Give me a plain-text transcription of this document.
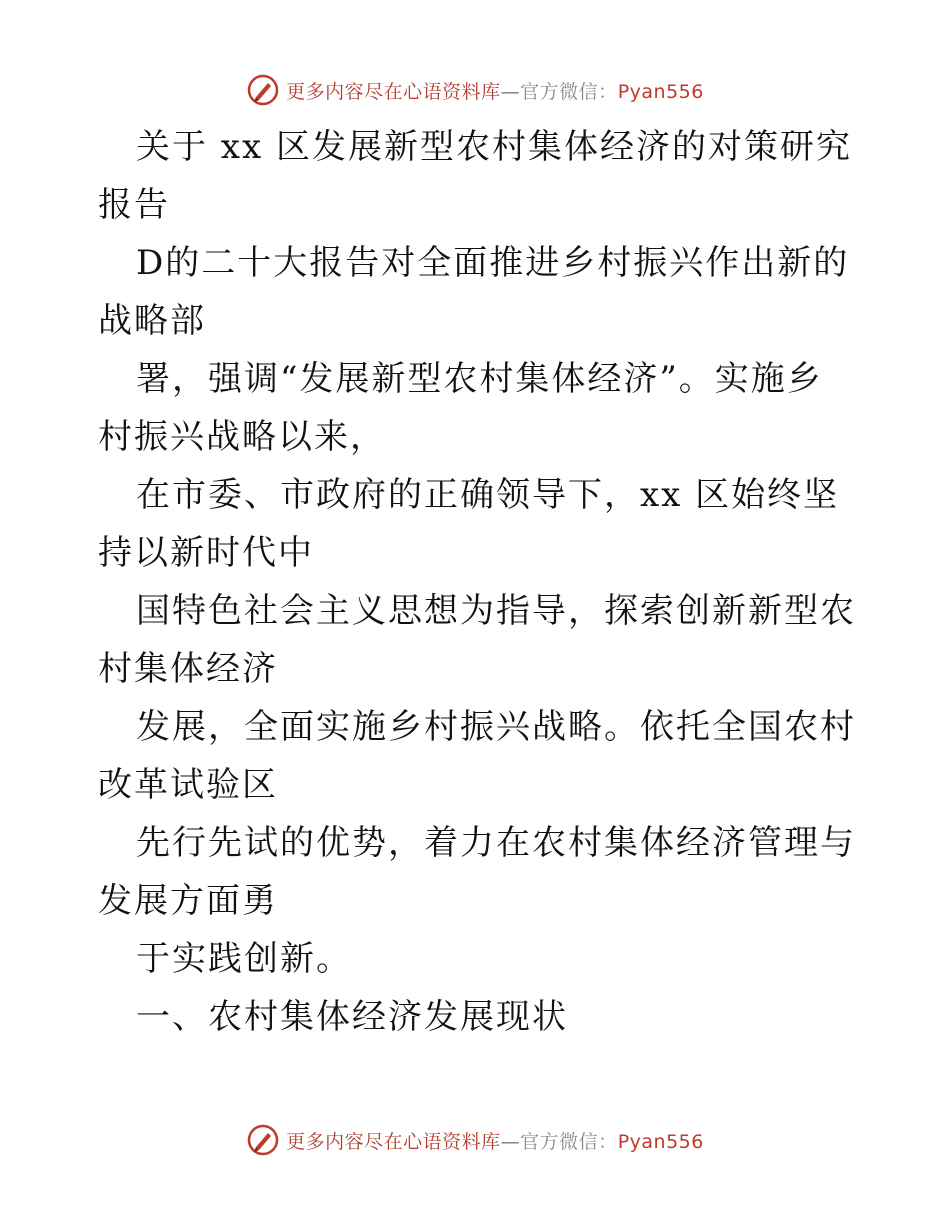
更多内容尽在心语资料库—官方微信：Pyan556

关于 xx 区发展新型农村集体经济的对策研究报告

D的二十大报告对全面推进乡村振兴作出新的战略部

署，强调“发展新型农村集体经济”。实施乡村振兴战略以来，

在市委、市政府的正确领导下，xx 区始终坚持以新时代中

国特色社会主义思想为指导，探索创新新型农村集体经济

发展，全面实施乡村振兴战略。依托全国农村改革试验区

先行先试的优势，着力在农村集体经济管理与发展方面勇

于实践创新。

一、农村集体经济发展现状

更多内容尽在心语资料库—官方微信：Pyan556
